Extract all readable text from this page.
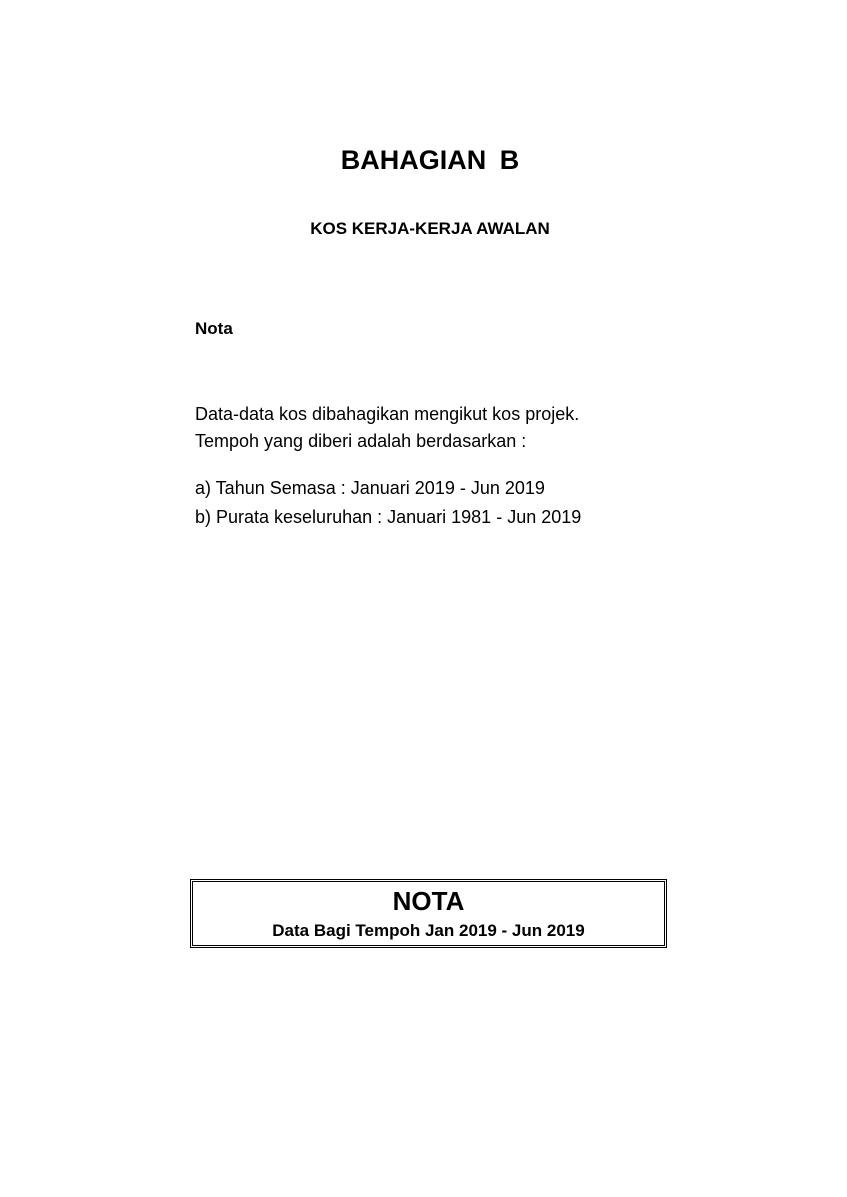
BAHAGIAN B
KOS KERJA-KERJA AWALAN
Nota
Data-data kos dibahagikan mengikut kos projek.
Tempoh yang diberi adalah berdasarkan :
a) Tahun Semasa : Januari 2019 - Jun 2019
b) Purata keseluruhan : Januari 1981 - Jun 2019
NOTA
Data Bagi Tempoh Jan 2019 - Jun 2019
